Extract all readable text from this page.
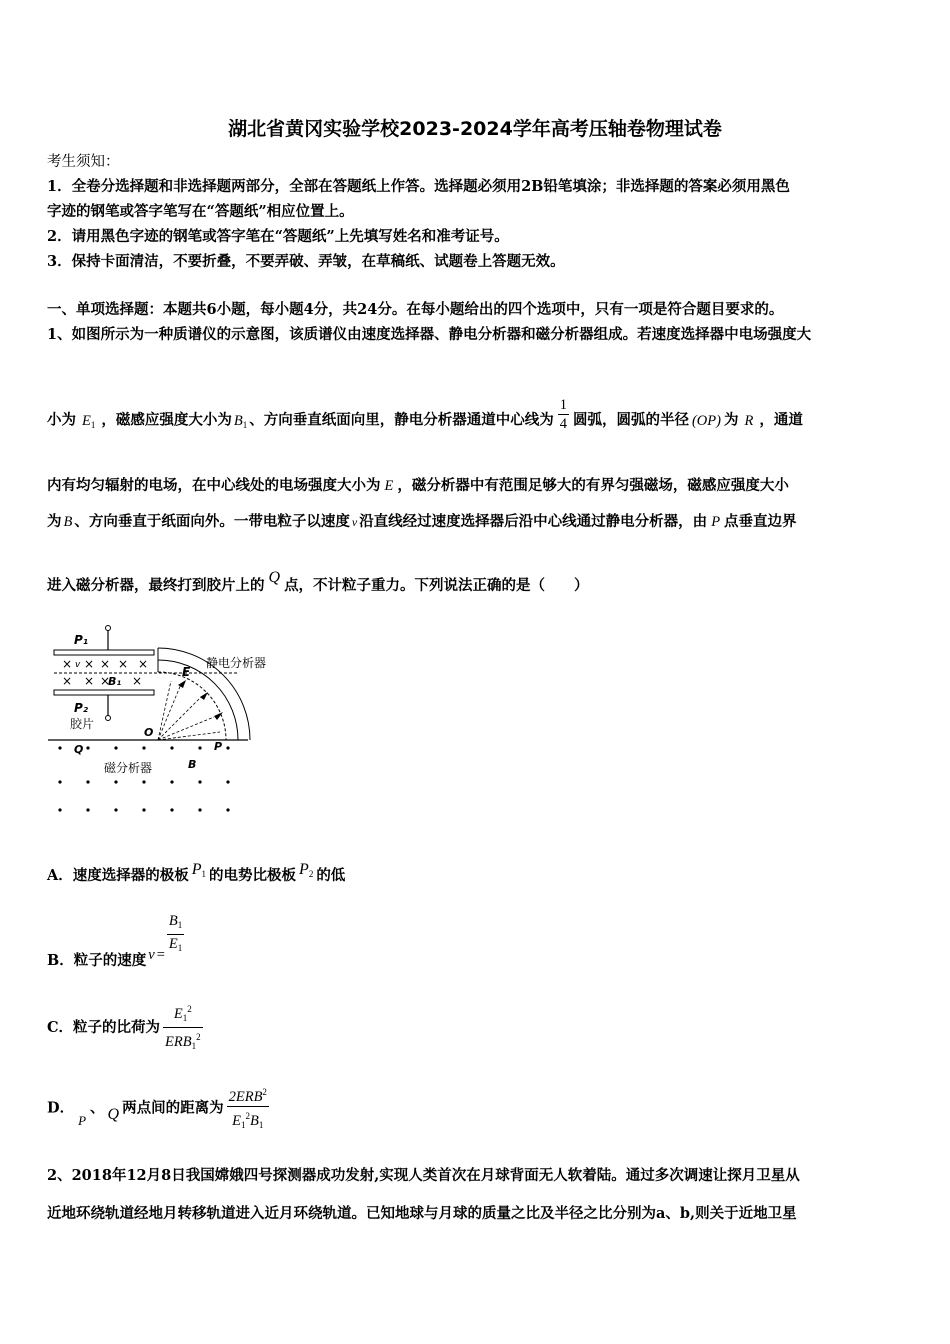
湖北省黄冈实验学校2023-2024学年高考压轴卷物理试卷
考生须知：
1．全卷分选择题和非选择题两部分，全部在答题纸上作答。选择题必须用2B铅笔填涂；非选择题的答案必须用黑色
字迹的钢笔或答字笔写在“答题纸”相应位置上。
2．请用黑色字迹的钢笔或答字笔在“答题纸”上先填写姓名和准考证号。
3．保持卡面清洁，不要折叠，不要弄破、弄皱，在草稿纸、试题卷上答题无效。
一、单项选择题：本题共6小题，每小题4分，共24分。在每小题给出的四个选项中，只有一项是符合题目要求的。
1、如图所示为一种质谱仪的示意图，该质谱仪由速度选择器、静电分析器和磁分析器组成。若速度选择器中电场强度大
小为 $E_1$ ，磁感应强度大小为 $B_1$ 、方向垂直纸面向里，静电分析器通道中心线为 $\frac{1}{4}$ 圆弧，圆弧的半径 (OP) 为 R ，通道
内有均匀辐射的电场，在中心线处的电场强度大小为 E ，磁分析器中有范围足够大的有界匀强磁场，磁感应强度大小
为 B 、方向垂直于纸面向外。一带电粒子以速度 v 沿直线经过速度选择器后沿中心线通过静电分析器，由 P 点垂直边界
进入磁分析器，最终打到胶片上的 Q 点，不计粒子重力。下列说法正确的是（　　）
P₁
× × × × ×
v
× × × ×
B₁
P₂
胶片
E
静电分析器
O
P
Q
磁分析器	B
A．速度选择器的极板 $P_1$ 的电势比极板 $P_2$ 的低
B．粒子的速度 $v = \frac{B_1}{E_1}$
C．粒子的比荷为 $\frac{E_1^2}{ERB_1^2}$
D．P、 Q 两点间的距离为 $\frac{2ERB^2}{E_1^2B_1}$
2、2018年12月8日我国嫦娥四号探测器成功发射,实现人类首次在月球背面无人软着陆。通过多次调速让探月卫星从
近地环绕轨道经地月转移轨道进入近月环绕轨道。已知地球与月球的质量之比及半径之比分别为a、b,则关于近地卫星
